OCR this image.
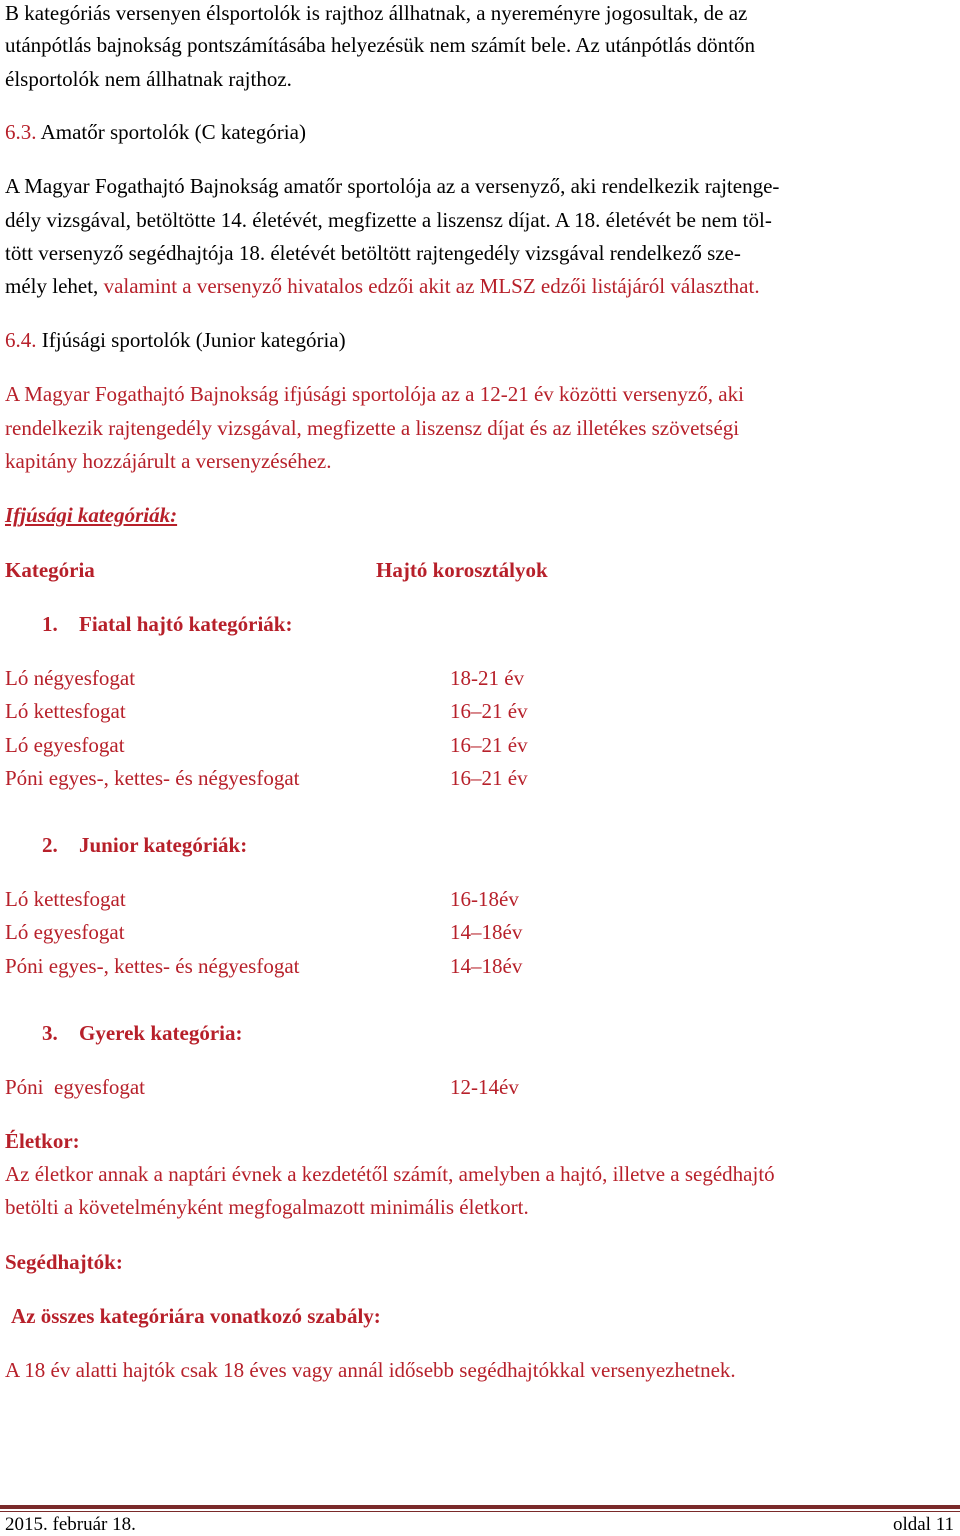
B kategóriás versenyen élsportolók is rajthoz állhatnak, a nyereményre jogosultak, de az
utánpótlás bajnokság pontszámításába helyezésük nem számít bele. Az utánpótlás döntőn
élsportolók nem állhatnak rajthoz.
6.3. Amatőr sportolók (C kategória)
A Magyar Fogathajtó Bajnokság amatőr sportolója az a versenyző, aki rendelkezik rajtenge-
dély vizsgával, betöltötte 14. életévét, megfizette a liszensz díjat. A 18. életévét be nem töl-
tött versenyző segédhajtója 18. életévét betöltött rajtengedély vizsgával rendelkező sze-
mély lehet, valamint a versenyző hivatalos edzői akit az MLSZ edzői listájáról választhat.
6.4. Ifjúsági sportolók (Junior kategória)
A Magyar Fogathajtó Bajnokság ifjúsági sportolója az a 12-21 év közötti versenyző, aki
rendelkezik rajtengedély vizsgával, megfizette a liszensz díjat és az illetékes szövetségi
kapitány hozzájárult a versenyzéséhez.
Ifjúsági kategóriák:
Kategória	Hajtó korosztályok
1. Fiatal hajtó kategóriák:
Ló négyesfogat	18-21 év
Ló kettesfogat	16–21 év
Ló egyesfogat	16–21 év
Póni egyes-, kettes- és négyesfogat	16–21 év
2. Junior kategóriák:
Ló kettesfogat	16-18év
Ló egyesfogat	14–18év
Póni egyes-, kettes- és négyesfogat	14–18év
3. Gyerek kategória:
Póni  egyesfogat	12-14év
Életkor:
Az életkor annak a naptári évnek a kezdetétől számít, amelyben a hajtó, illetve a segédhajtó
betölti a követelményként megfogalmazott minimális életkort.
Segédhajtók:
Az összes kategóriára vonatkozó szabály:
A 18 év alatti hajtók csak 18 éves vagy annál idősebb segédhajtókkal versenyezhetnek.
2015. február 18.	oldal 11
